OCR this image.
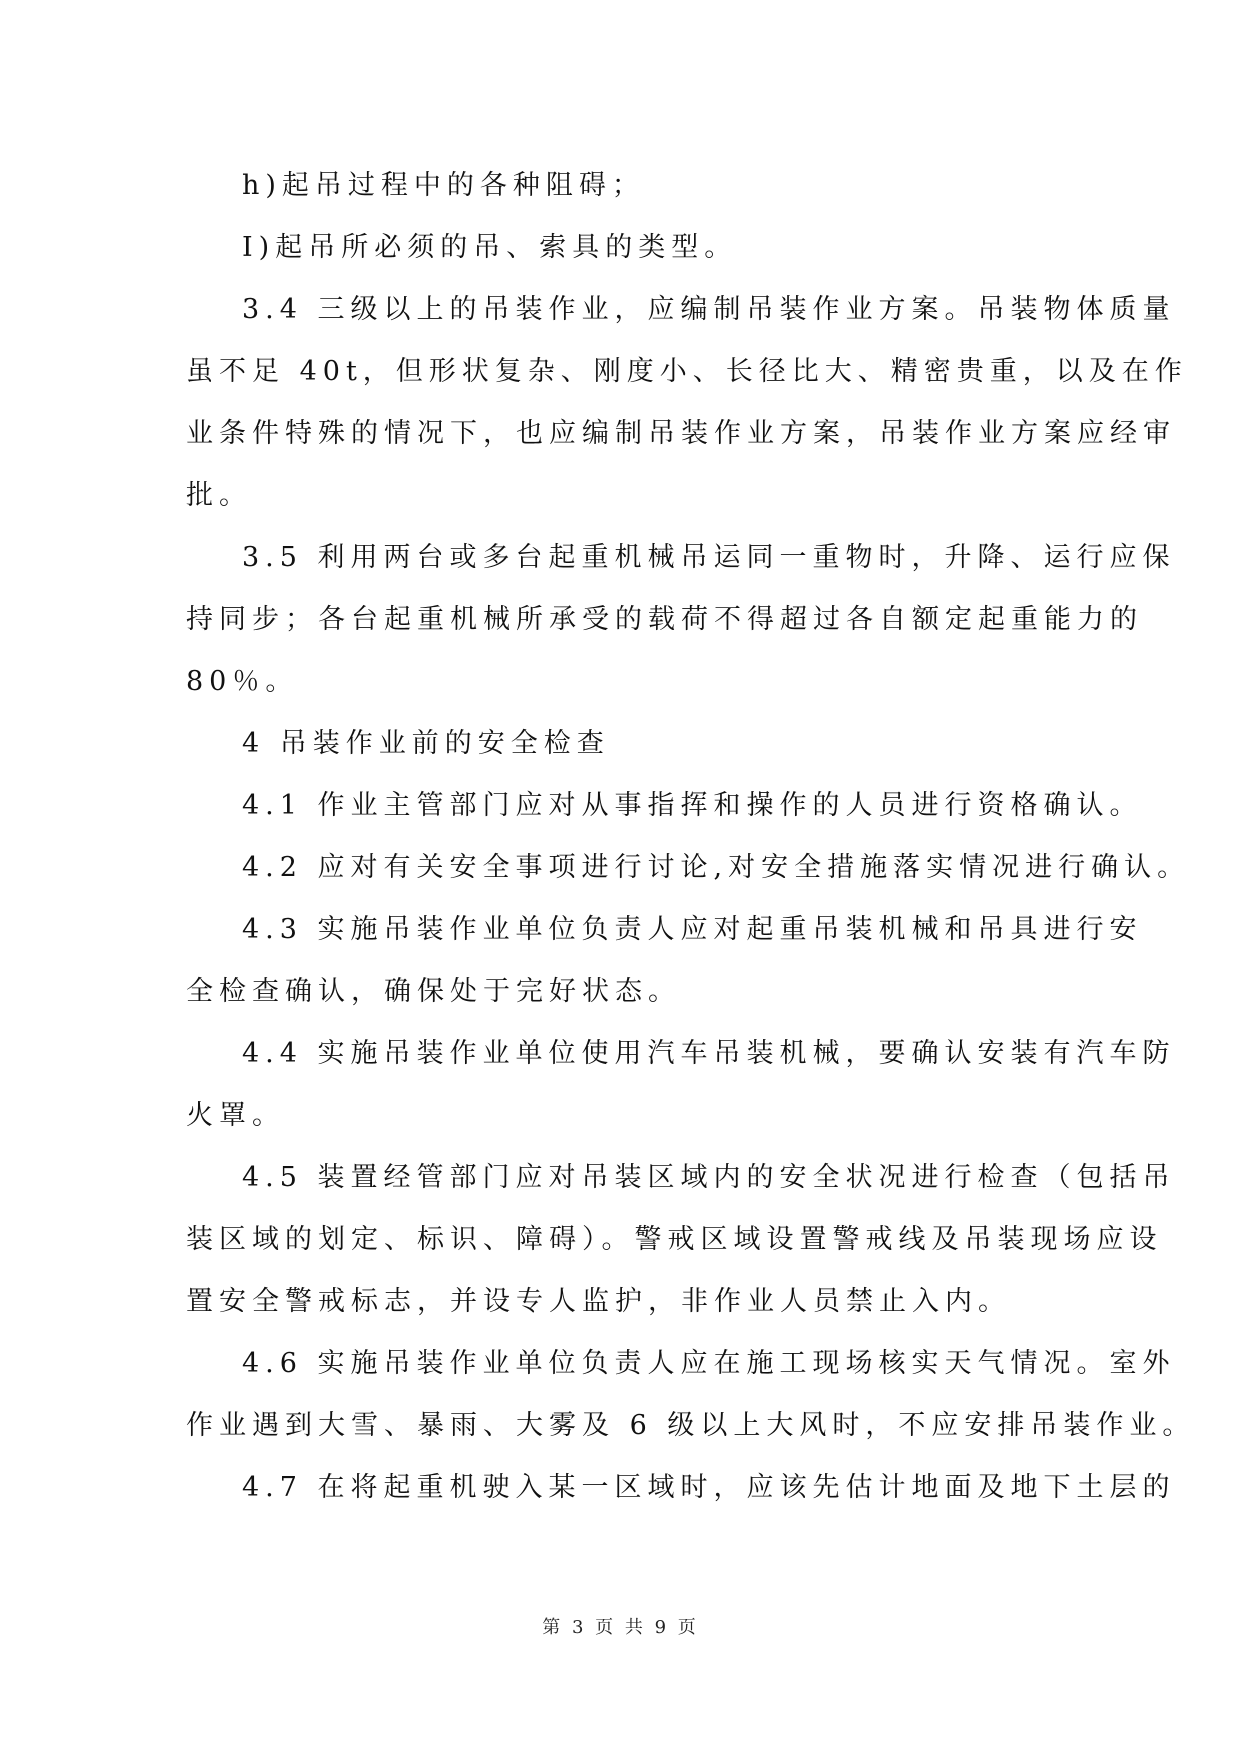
h)起吊过程中的各种阻碍；
I)起吊所必须的吊、索具的类型。
3.4 三级以上的吊装作业，应编制吊装作业方案。吊装物体质量
虽不足 40t，但形状复杂、刚度小、长径比大、精密贵重，以及在作
业条件特殊的情况下，也应编制吊装作业方案，吊装作业方案应经审
批。
3.5 利用两台或多台起重机械吊运同一重物时，升降、运行应保
持同步；各台起重机械所承受的载荷不得超过各自额定起重能力的
80％。
4 吊装作业前的安全检查
4.1 作业主管部门应对从事指挥和操作的人员进行资格确认。
4.2 应对有关安全事项进行讨论,对安全措施落实情况进行确认。
4.3 实施吊装作业单位负责人应对起重吊装机械和吊具进行安
全检查确认，确保处于完好状态。
4.4 实施吊装作业单位使用汽车吊装机械，要确认安装有汽车防
火罩。
4.5 装置经管部门应对吊装区域内的安全状况进行检查（包括吊
装区域的划定、标识、障碍）。警戒区域设置警戒线及吊装现场应设
置安全警戒标志，并设专人监护，非作业人员禁止入内。
4.6 实施吊装作业单位负责人应在施工现场核实天气情况。室外
作业遇到大雪、暴雨、大雾及 6 级以上大风时，不应安排吊装作业。
4.7 在将起重机驶入某一区域时，应该先估计地面及地下土层的
第 3 页 共 9 页
